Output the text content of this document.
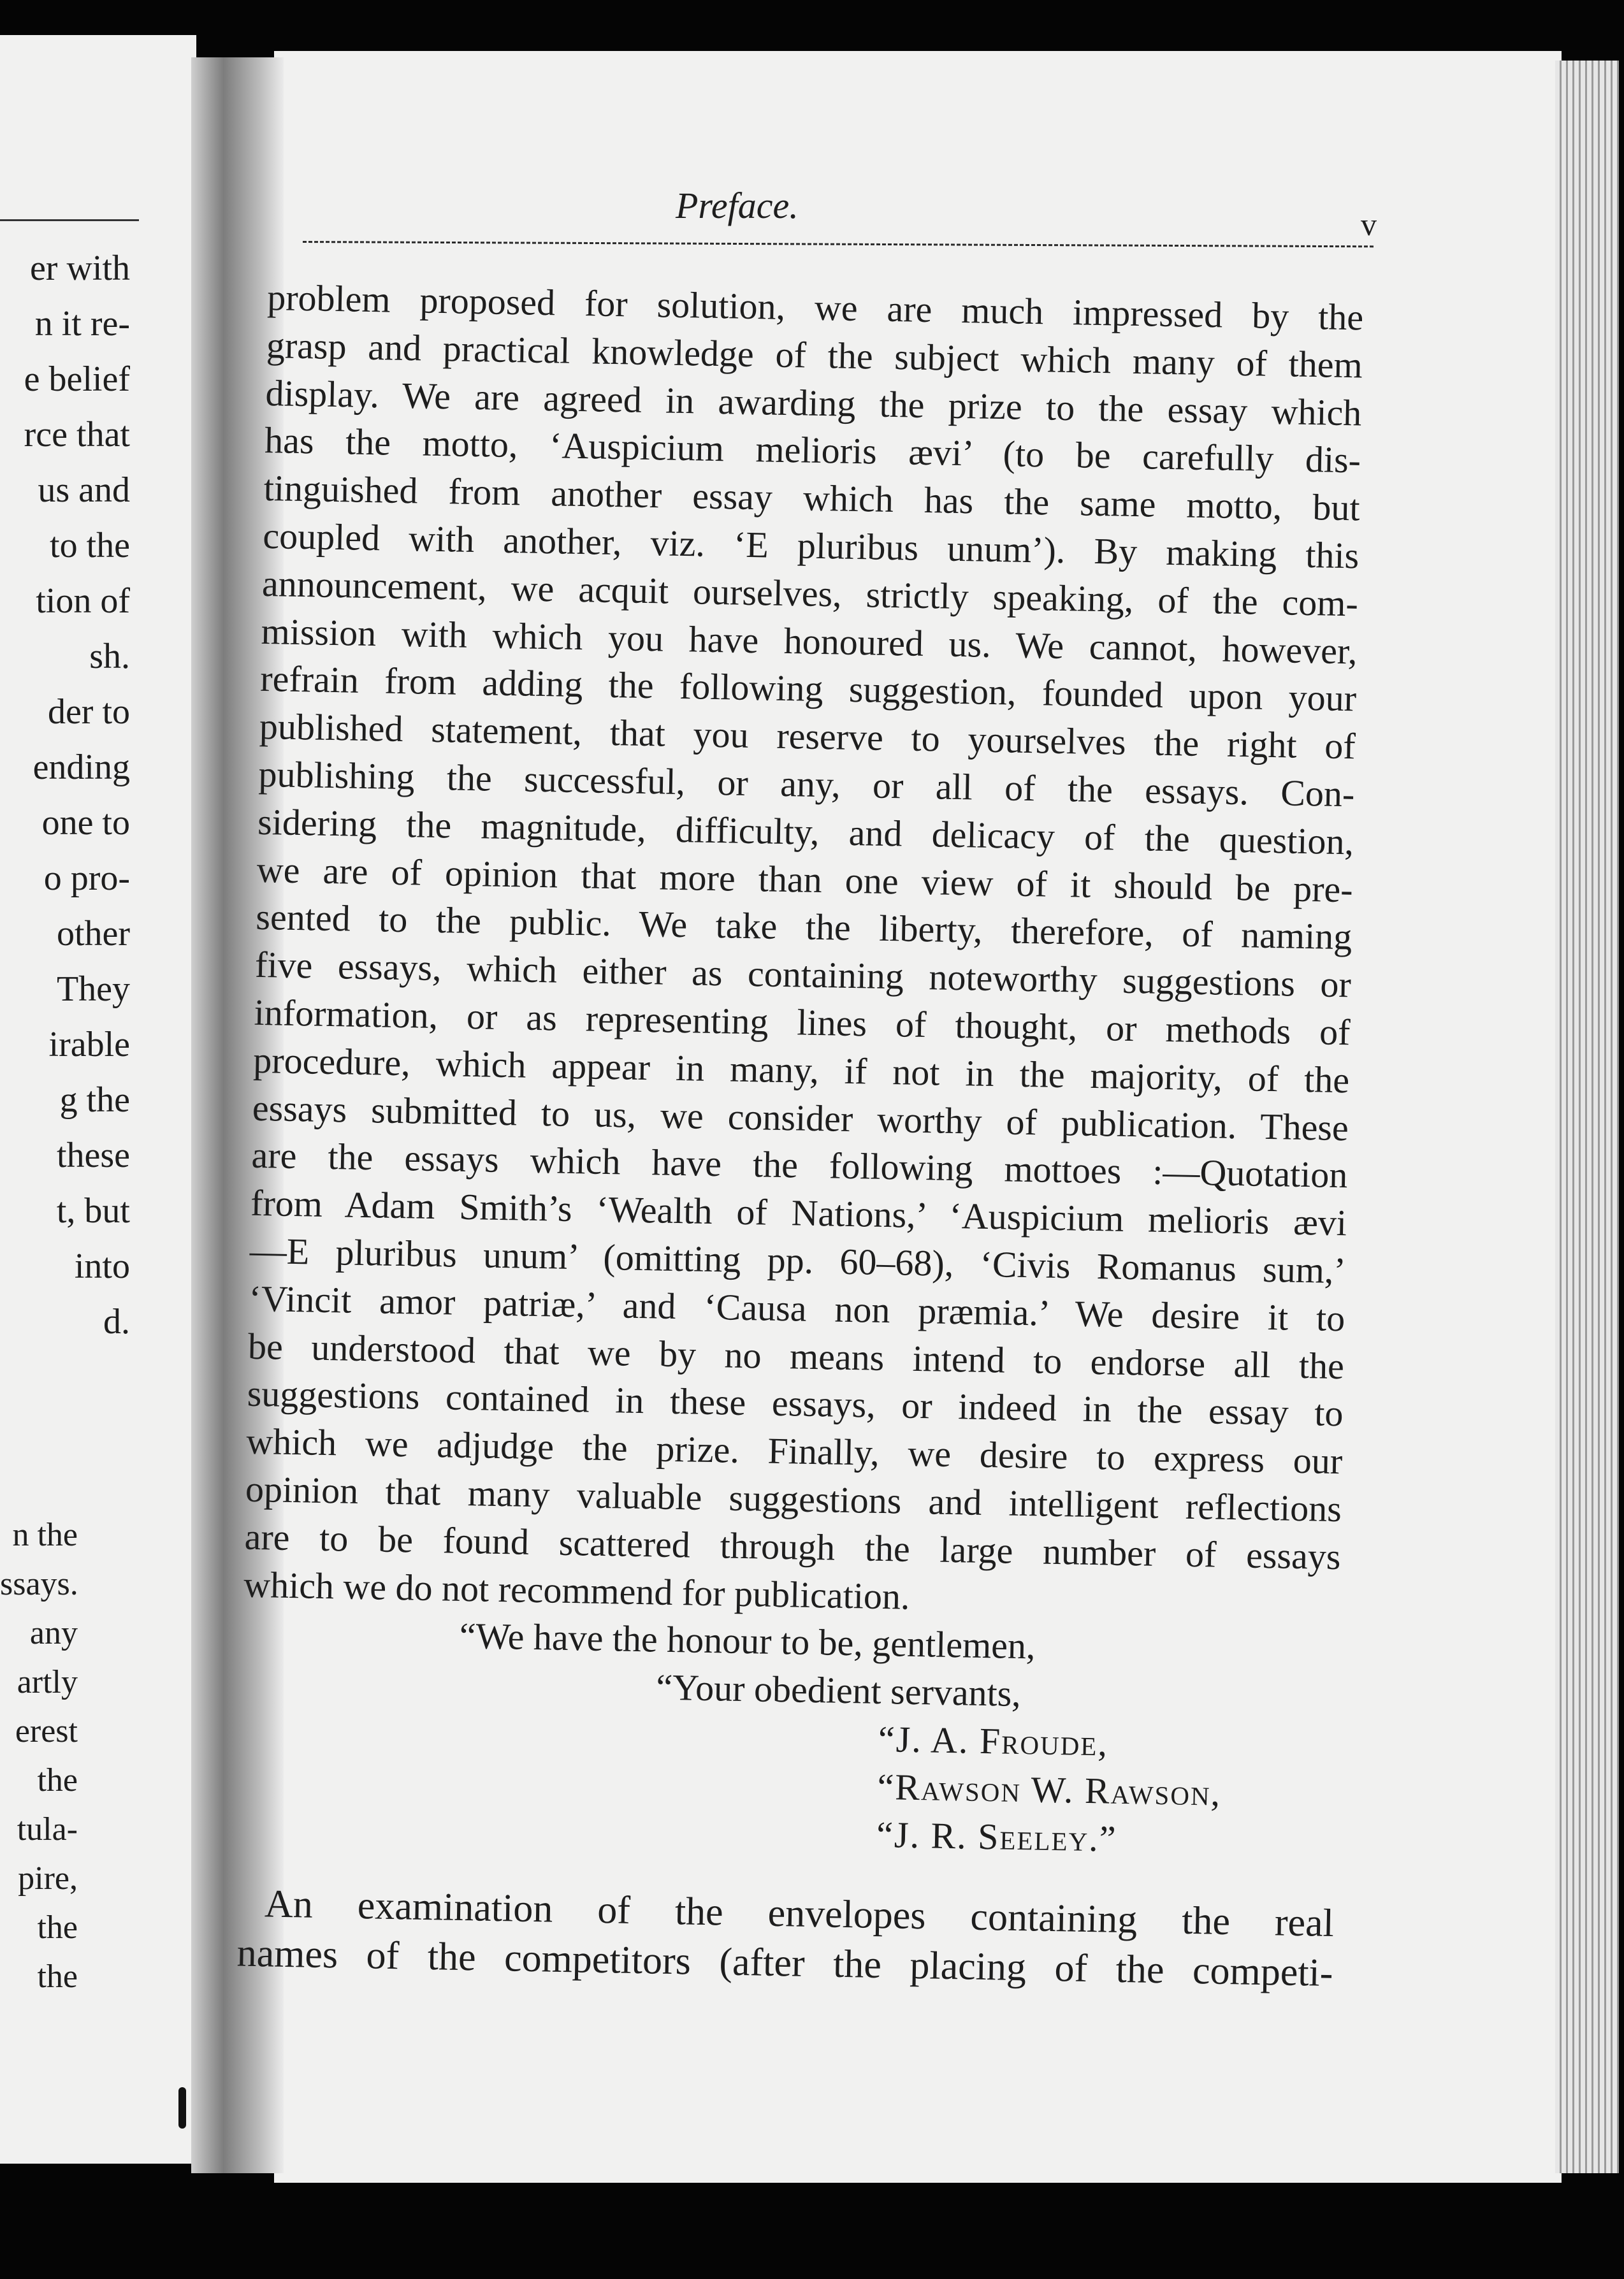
er with
n it re-
e belief
rce that
us and
to the
tion of
sh.
der to
ending
one to
o pro-
other
They
irable
g the
these
t, but
into
d.
n the
ssays.
any
artly
erest
the
tula-
pire,
the
the
Preface.	v
problem proposed for solution, we are much impressed by the
grasp and practical knowledge of the subject which many of them
display. We are agreed in awarding the prize to the essay which
has the motto, ‘Auspicium melioris ævi’ (to be carefully dis-
tinguished from another essay which has the same motto, but
coupled with another, viz. ‘E pluribus unum’). By making this
announcement, we acquit ourselves, strictly speaking, of the com-
mission with which you have honoured us. We cannot, however,
refrain from adding the following suggestion, founded upon your
published statement, that you reserve to yourselves the right of
publishing the successful, or any, or all of the essays. Con-
sidering the magnitude, difficulty, and delicacy of the question,
we are of opinion that more than one view of it should be pre-
sented to the public. We take the liberty, therefore, of naming
five essays, which either as containing noteworthy suggestions or
information, or as representing lines of thought, or methods of
procedure, which appear in many, if not in the majority, of the
essays submitted to us, we consider worthy of publication. These
are the essays which have the following mottoes :—Quotation
from Adam Smith’s ‘Wealth of Nations,’ ‘Auspicium melioris ævi
—E pluribus unum’ (omitting pp. 60–68), ‘Civis Romanus sum,’
‘Vincit amor patriæ,’ and ‘Causa non præmia.’ We desire it to
be understood that we by no means intend to endorse all the
suggestions contained in these essays, or indeed in the essay to
which we adjudge the prize. Finally, we desire to express our
opinion that many valuable suggestions and intelligent reflections
are to be found scattered through the large number of essays
which we do not recommend for publication.
“We have the honour to be, gentlemen,
“Your obedient servants,
“J. A. Froude,
“Rawson W. Rawson,
“J. R. Seeley.”
An examination of the envelopes containing the real
names of the competitors (after the placing of the competi-
